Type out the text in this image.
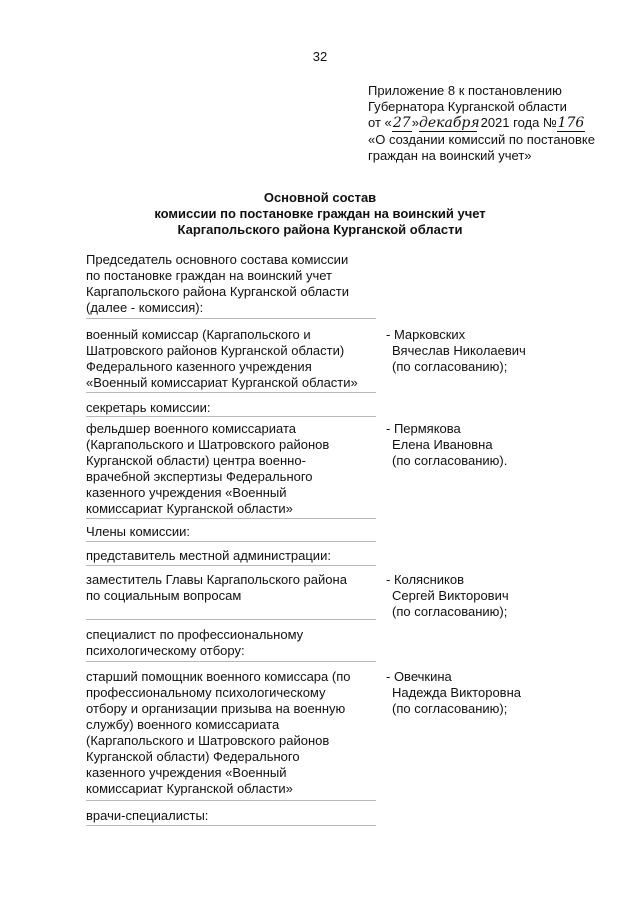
32
Приложение 8 к постановлению
Губернатора Курганской области
от «27»декабря 2021 года №176
«О создании комиссий по постановке
граждан на воинский учет»
Основной состав
комиссии по постановке граждан на воинский учет
Каргапольского района Курганской области
Председатель основного состава комиссии
по постановке граждан на воинский учет
Каргапольского района Курганской области
(далее - комиссия):
военный комиссар (Каргапольского и
Шатровского районов Курганской области)
Федерального казенного учреждения
«Военный комиссариат Курганской области»
- Марковских
Вячеслав Николаевич
(по согласованию);
секретарь комиссии:
фельдшер военного комиссариата
(Каргапольского и Шатровского районов
Курганской области) центра военно-
врачебной экспертизы Федерального
казенного учреждения «Военный
комиссариат Курганской области»
- Пермякова
Елена Ивановна
(по согласованию).
Члены комиссии:
представитель местной администрации:
заместитель Главы Каргапольского района
по социальным вопросам
- Колясников
Сергей Викторович
(по согласованию);
специалист по профессиональному
психологическому отбору:
старший помощник военного комиссара (по
профессиональному психологическому
отбору и организации призыва на военную
службу) военного комиссариата
(Каргапольского и Шатровского районов
Курганской области) Федерального
казенного учреждения «Военный
комиссариат Курганской области»
- Овечкина
Надежда Викторовна
(по согласованию);
врачи-специалисты:
